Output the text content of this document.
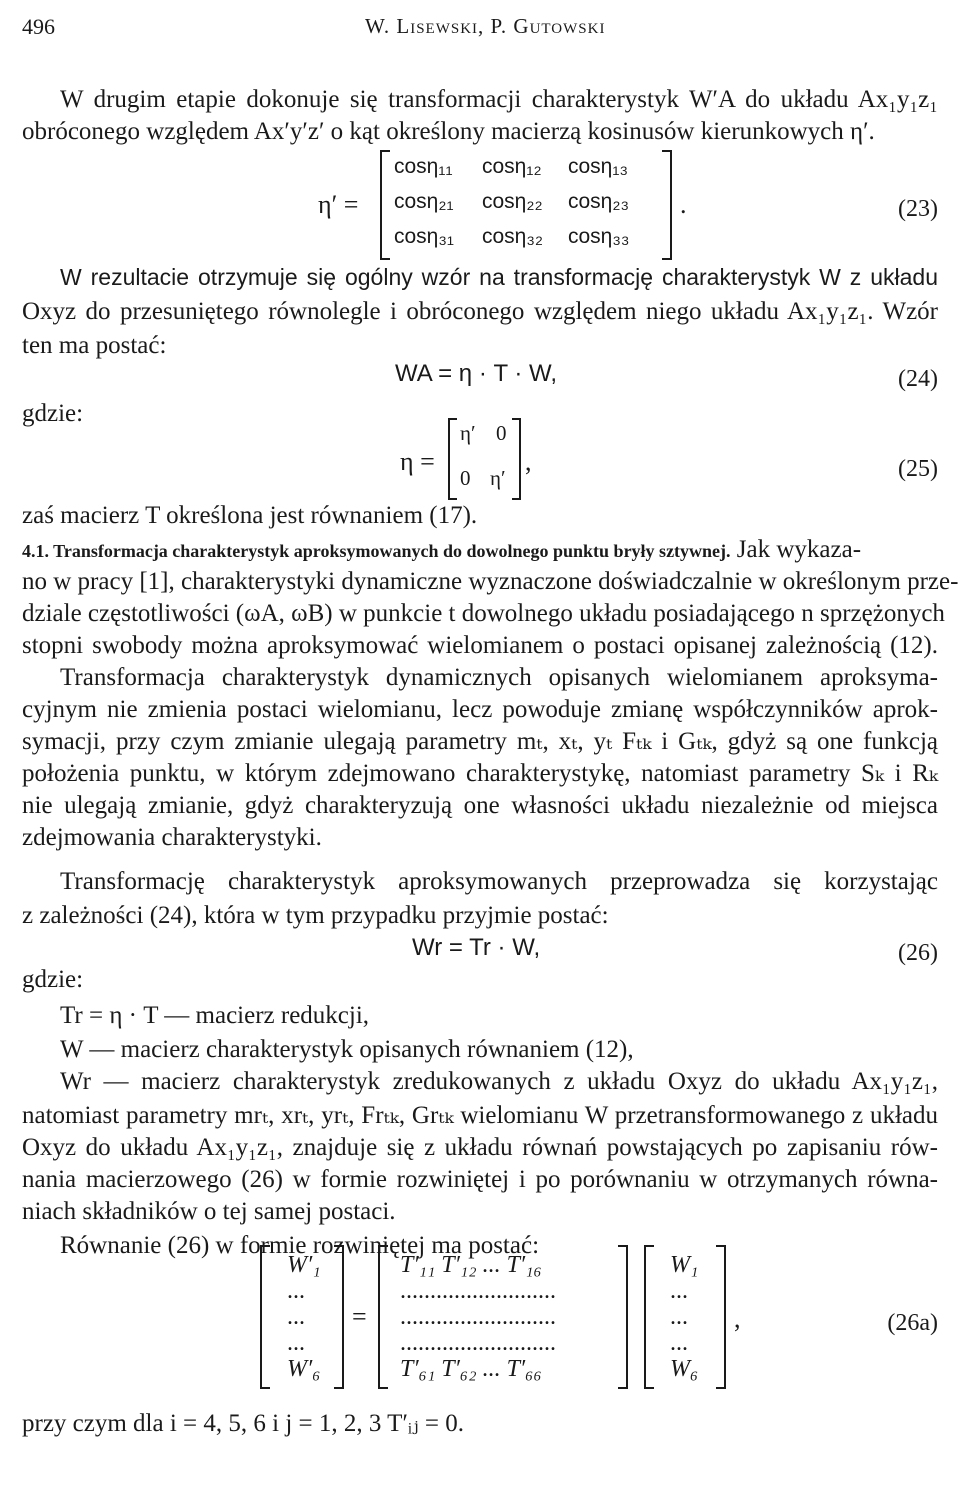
496	W. Lisewski, P. Gutowski
W drugim etapie dokonuje się transformacji charakterystyk W′A do układu Ax₁y₁z₁
obróconego względem Ax′y′z′ o kąt określony macierzą kosinusów kierunkowych η′.
η′ =
cosη₁₁ cosη₁₂ cosη₁₃
cosη₂₁ cosη₂₂ cosη₂₃
cosη₃₁ cosη₃₂ cosη₃₃
.	(23)
W rezultacie otrzymuje się ogólny wzór na transformację charakterystyk W z układu
Oxyz do przesuniętego równolegle i obróconego względem niego układu Ax₁y₁z₁. Wzór
ten ma postać:
WA = η · T · W,	(24)
gdzie:
η =
η′ 0
0 η′
,	(25)
zaś macierz T określona jest równaniem (17).
4.1. Transformacja charakterystyk aproksymowanych do dowolnego punktu bryły sztywnej. Jak wykaza-
no w pracy [1], charakterystyki dynamiczne wyznaczone doświadczalnie w określonym prze-
dziale częstotliwości (ωA, ωB) w punkcie t dowolnego układu posiadającego n sprzężonych
stopni swobody można aproksymować wielomianem o postaci opisanej zależnością (12).
Transformacja charakterystyk dynamicznych opisanych wielomianem aproksyma-
cyjnym nie zmienia postaci wielomianu, lecz powoduje zmianę współczynników aprok-
symacji, przy czym zmianie ulegają parametry mₜ, xₜ, yₜ Fₜₖ i Gₜₖ, gdyż są one funkcją
położenia punktu, w którym zdejmowano charakterystykę, natomiast parametry Sₖ i Rₖ
nie ulegają zmianie, gdyż charakteryzują one własności układu niezależnie od miejsca
zdejmowania charakterystyki.
Transformację charakterystyk aproksymowanych przeprowadza się korzystając
z zależności (24), która w tym przypadku przyjmie postać:
Wr = Tr · W,	(26)
gdzie:
Tr = η · T — macierz redukcji,
W — macierz charakterystyk opisanych równaniem (12),
Wr — macierz charakterystyk zredukowanych z układu Oxyz do układu Ax₁y₁z₁,
natomiast parametry mrₜ, xrₜ, yrₜ, Frₜₖ, Grₜₖ wielomianu W przetransformowanego z układu
Oxyz do układu Ax₁y₁z₁, znajduje się z układu równań powstających po zapisaniu rów-
nania macierzowego (26) w formie rozwiniętej i po porównaniu w otrzymanych równa-
niach składników o tej samej postaci.
Równanie (26) w formie rozwiniętej ma postać:
W′₁
...
...
...
W′₆
=
T′₁₁ T′₁₂ ... T′₁₆
..........................
..........................
..........................
T′₆₁ T′₆₂ ... T′₆₆
W₁
...
...
...
W₆
,	(26a)
przy czym dla i = 4, 5, 6 i j = 1, 2, 3 T′ᵢⱼ = 0.
